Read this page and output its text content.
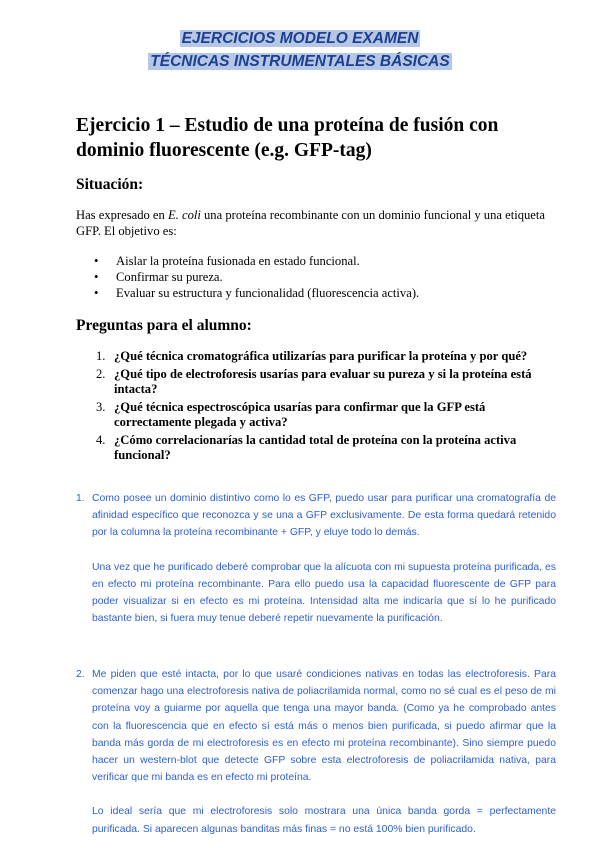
EJERCICIOS MODELO EXAMEN
TÉCNICAS INSTRUMENTALES BÁSICAS
Ejercicio 1 – Estudio de una proteína de fusión con dominio fluorescente (e.g. GFP-tag)
Situación:
Has expresado en E. coli una proteína recombinante con un dominio funcional y una etiqueta GFP. El objetivo es:
• Aislar la proteína fusionada en estado funcional.
• Confirmar su pureza.
• Evaluar su estructura y funcionalidad (fluorescencia activa).
Preguntas para el alumno:
1. ¿Qué técnica cromatográfica utilizarías para purificar la proteína y por qué?
2. ¿Qué tipo de electroforesis usarías para evaluar su pureza y si la proteína está intacta?
3. ¿Qué técnica espectroscópica usarías para confirmar que la GFP está correctamente plegada y activa?
4. ¿Cómo correlacionarías la cantidad total de proteína con la proteína activa funcional?
1. Como posee un dominio distintivo como lo es GFP, puedo usar para purificar una cromatografía de afinidad específico que reconozca y se una a GFP exclusivamente. De esta forma quedará retenido por la columna la proteína recombinante + GFP, y eluye todo lo demás.

Una vez que he purificado deberé comprobar que la alícuota con mi supuesta proteína purificada, es en efecto mi proteína recombinante. Para ello puedo usa la capacidad fluorescente de GFP para poder visualizar si en efecto es mi proteína. Intensidad alta me indicaría que sí lo he purificado bastante bien, si fuera muy tenue deberé repetir nuevamente la purificación.

2. Me piden que esté intacta, por lo que usaré condiciones nativas en todas las electroforesis. Para comenzar hago una electroforesis nativa de poliacrilamida normal, como no sé cual es el peso de mi proteína voy a guiarme por aquella que tenga una mayor banda. (Como ya he comprobado antes con la fluorescencia que en efecto sí está más o menos bien purificada, si puedo afirmar que la banda más gorda de mi electroforesis es en efecto mi proteína recombinante). Sino siempre puedo hacer un western-blot que detecte GFP sobre esta electroforesis de poliacrilamida nativa, para verificar que mi banda es en efecto mi proteína.

Lo ideal sería que mi electroforesis solo mostrara una única banda gorda = perfectamente purificada. Si aparecen algunas banditas más finas = no está 100% bien purificado.
